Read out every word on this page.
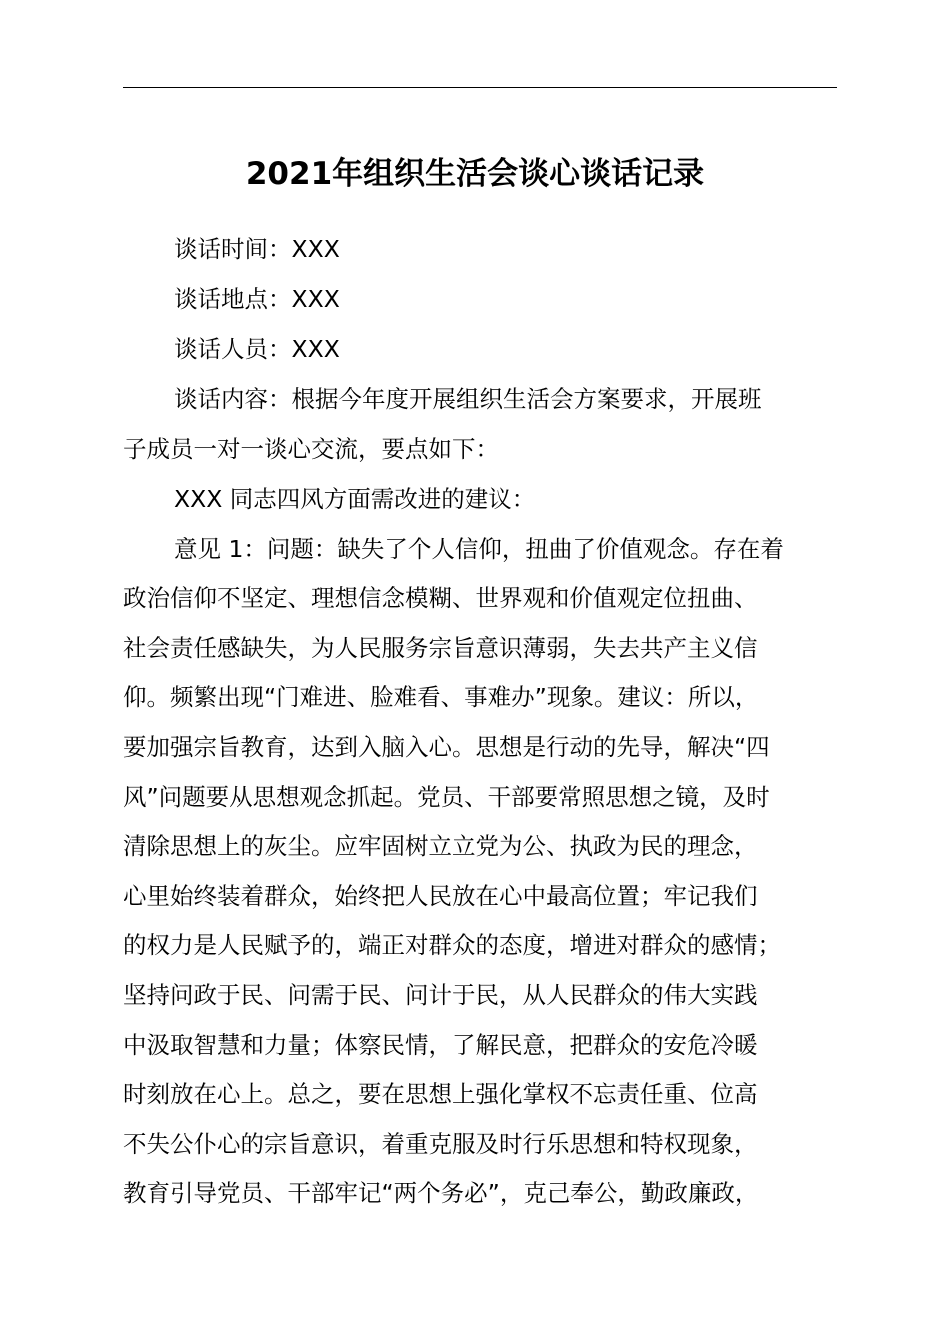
2021年组织生活会谈心谈话记录
谈话时间：XXX
谈话地点：XXX
谈话人员：XXX
谈话内容：根据今年度开展组织生活会方案要求，开展班
子成员一对一谈心交流，要点如下：
XXX 同志四风方面需改进的建议：
意见 1：问题：缺失了个人信仰，扭曲了价值观念。存在着
政治信仰不坚定、理想信念模糊、世界观和价值观定位扭曲、
社会责任感缺失，为人民服务宗旨意识薄弱，失去共产主义信
仰。频繁出现“门难进、脸难看、事难办”现象。建议：所以，
要加强宗旨教育，达到入脑入心。思想是行动的先导，解决“四
风”问题要从思想观念抓起。党员、干部要常照思想之镜，及时
清除思想上的灰尘。应牢固树立立党为公、执政为民的理念，
心里始终装着群众，始终把人民放在心中最高位置；牢记我们
的权力是人民赋予的，端正对群众的态度，增进对群众的感情；
坚持问政于民、问需于民、问计于民，从人民群众的伟大实践
中汲取智慧和力量；体察民情，了解民意，把群众的安危冷暖
时刻放在心上。总之，要在思想上强化掌权不忘责任重、位高
不失公仆心的宗旨意识，着重克服及时行乐思想和特权现象，
教育引导党员、干部牢记“两个务必”，克己奉公，勤政廉政，
